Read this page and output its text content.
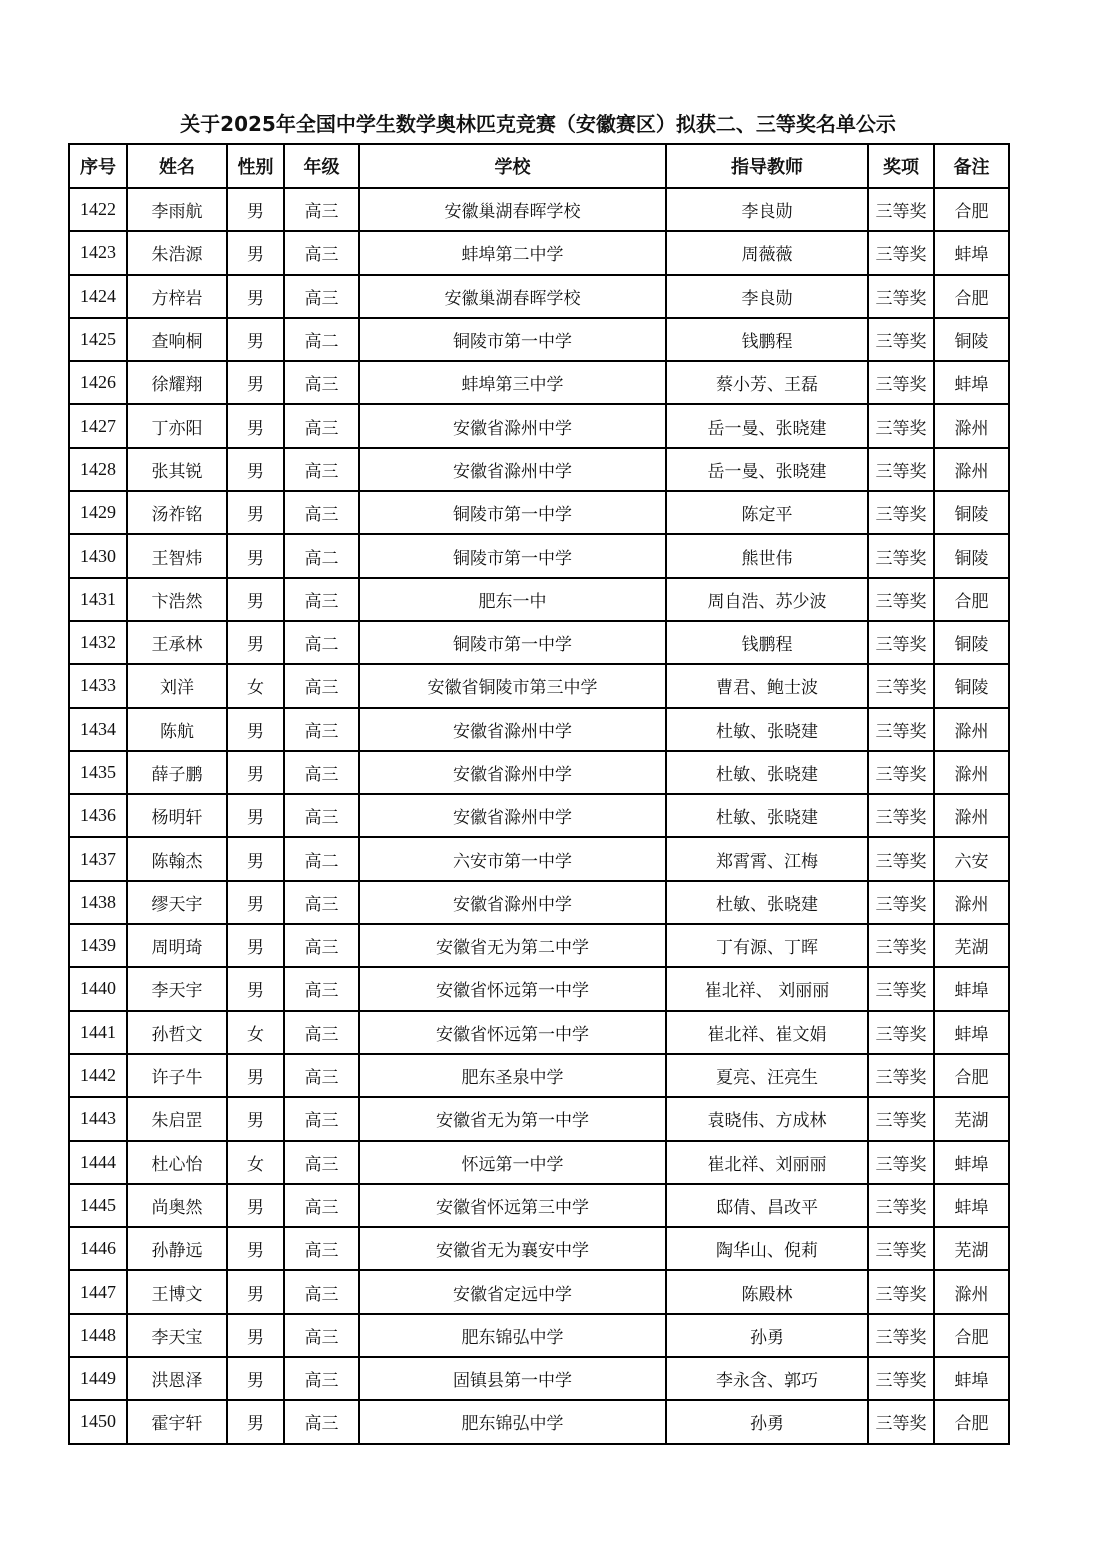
关于2025年全国中学生数学奥林匹克竞赛（安徽赛区）拟获二、三等奖名单公示
序号	姓名	性别	年级	学校	指导教师	奖项	备注
1422	李雨航	男	高三	安徽巢湖春晖学校	李良勋	三等奖	合肥
1423	朱浩源	男	高三	蚌埠第二中学	周薇薇	三等奖	蚌埠
1424	方梓岩	男	高三	安徽巢湖春晖学校	李良勋	三等奖	合肥
1425	查响桐	男	高二	铜陵市第一中学	钱鹏程	三等奖	铜陵
1426	徐耀翔	男	高三	蚌埠第三中学	蔡小芳、王磊	三等奖	蚌埠
1427	丁亦阳	男	高三	安徽省滁州中学	岳一曼、张晓建	三等奖	滁州
1428	张其锐	男	高三	安徽省滁州中学	岳一曼、张晓建	三等奖	滁州
1429	汤祚铭	男	高三	铜陵市第一中学	陈定平	三等奖	铜陵
1430	王智炜	男	高二	铜陵市第一中学	熊世伟	三等奖	铜陵
1431	卞浩然	男	高三	肥东一中	周自浩、苏少波	三等奖	合肥
1432	王承林	男	高二	铜陵市第一中学	钱鹏程	三等奖	铜陵
1433	刘洋	女	高三	安徽省铜陵市第三中学	曹君、鲍士波	三等奖	铜陵
1434	陈航	男	高三	安徽省滁州中学	杜敏、张晓建	三等奖	滁州
1435	薛子鹏	男	高三	安徽省滁州中学	杜敏、张晓建	三等奖	滁州
1436	杨明轩	男	高三	安徽省滁州中学	杜敏、张晓建	三等奖	滁州
1437	陈翰杰	男	高二	六安市第一中学	郑霄霄、江梅	三等奖	六安
1438	缪天宇	男	高三	安徽省滁州中学	杜敏、张晓建	三等奖	滁州
1439	周明琦	男	高三	安徽省无为第二中学	丁有源、丁晖	三等奖	芜湖
1440	李天宇	男	高三	安徽省怀远第一中学	崔北祥、 刘丽丽	三等奖	蚌埠
1441	孙哲文	女	高三	安徽省怀远第一中学	崔北祥、崔文娟	三等奖	蚌埠
1442	许子牛	男	高三	肥东圣泉中学	夏亮、汪亮生	三等奖	合肥
1443	朱启罡	男	高三	安徽省无为第一中学	袁晓伟、方成林	三等奖	芜湖
1444	杜心怡	女	高三	怀远第一中学	崔北祥、刘丽丽	三等奖	蚌埠
1445	尚奥然	男	高三	安徽省怀远第三中学	邸倩、昌改平	三等奖	蚌埠
1446	孙静远	男	高三	安徽省无为襄安中学	陶华山、倪莉	三等奖	芜湖
1447	王博文	男	高三	安徽省定远中学	陈殿林	三等奖	滁州
1448	李天宝	男	高三	肥东锦弘中学	孙勇	三等奖	合肥
1449	洪恩泽	男	高三	固镇县第一中学	李永含、郭巧	三等奖	蚌埠
1450	霍宇轩	男	高三	肥东锦弘中学	孙勇	三等奖	合肥
